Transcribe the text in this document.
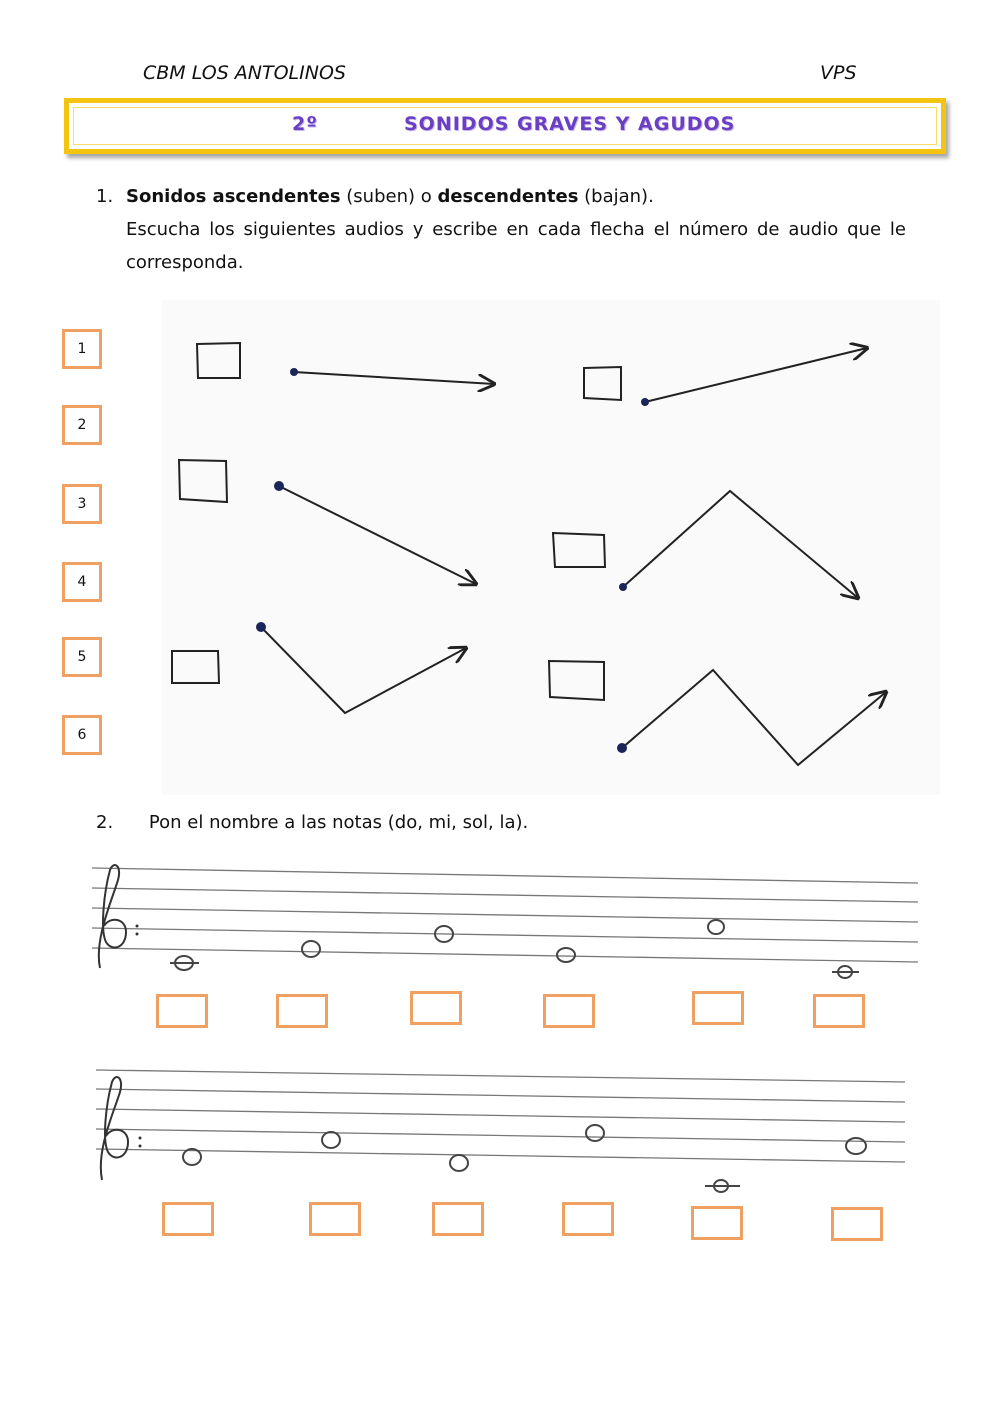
CBM LOS ANTOLINOS	VPS
2º	SONIDOS GRAVES Y AGUDOS
1. Sonidos ascendentes (suben) o descendentes (bajan).
Escucha los siguientes audios y escribe en cada flecha el número de audio que le corresponda.
1
2
3
4
5
6
2. Pon el nombre a las notas (do, mi, sol, la).
